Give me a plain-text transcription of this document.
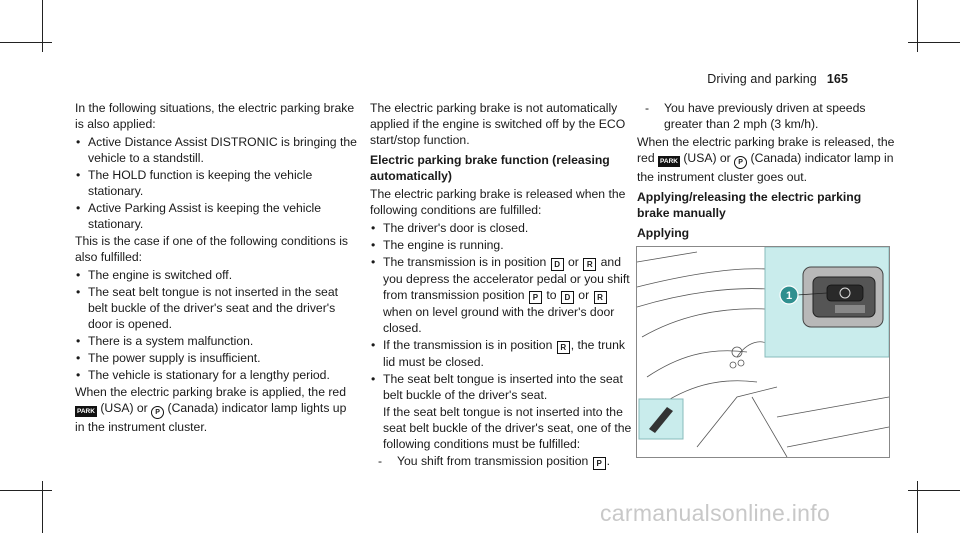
Driving and parking 165

In the following situations, the electric parking brake is also applied:

• Active Distance Assist DISTRONIC is bringing the vehicle to a standstill.
• The HOLD function is keeping the vehicle stationary.
• Active Parking Assist is keeping the vehicle stationary.

This is the case if one of the following conditions is also fulfilled:

• The engine is switched off.
• The seat belt tongue is not inserted in the seat belt buckle of the driver's seat and the driver's door is opened.
• There is a system malfunction.
• The power supply is insufficient.
• The vehicle is stationary for a lengthy period.

When the electric parking brake is applied, the red PARK (USA) or P (Canada) indicator lamp lights up in the instrument cluster.

The electric parking brake is not automatically applied if the engine is switched off by the ECO start/stop function.

Electric parking brake function (releasing automatically)

The electric parking brake is released when the following conditions are fulfilled:

• The driver's door is closed.
• The engine is running.
• The transmission is in position D or R and you depress the accelerator pedal or you shift from transmission position P to D or R when on level ground with the driver's door closed.
• If the transmission is in position R , the trunk lid must be closed.
• The seat belt tongue is inserted into the seat belt buckle of the driver's seat.

If the seat belt tongue is not inserted into the seat belt buckle of the driver's seat, one of the following conditions must be fulfilled:

- You shift from transmission position P .
- You have previously driven at speeds greater than 2 mph (3 km/h).

When the electric parking brake is released, the red PARK (USA) or P (Canada) indicator lamp in the instrument cluster goes out.

Applying/releasing the electric parking brake manually
Applying
1
carmanualsonline.info
